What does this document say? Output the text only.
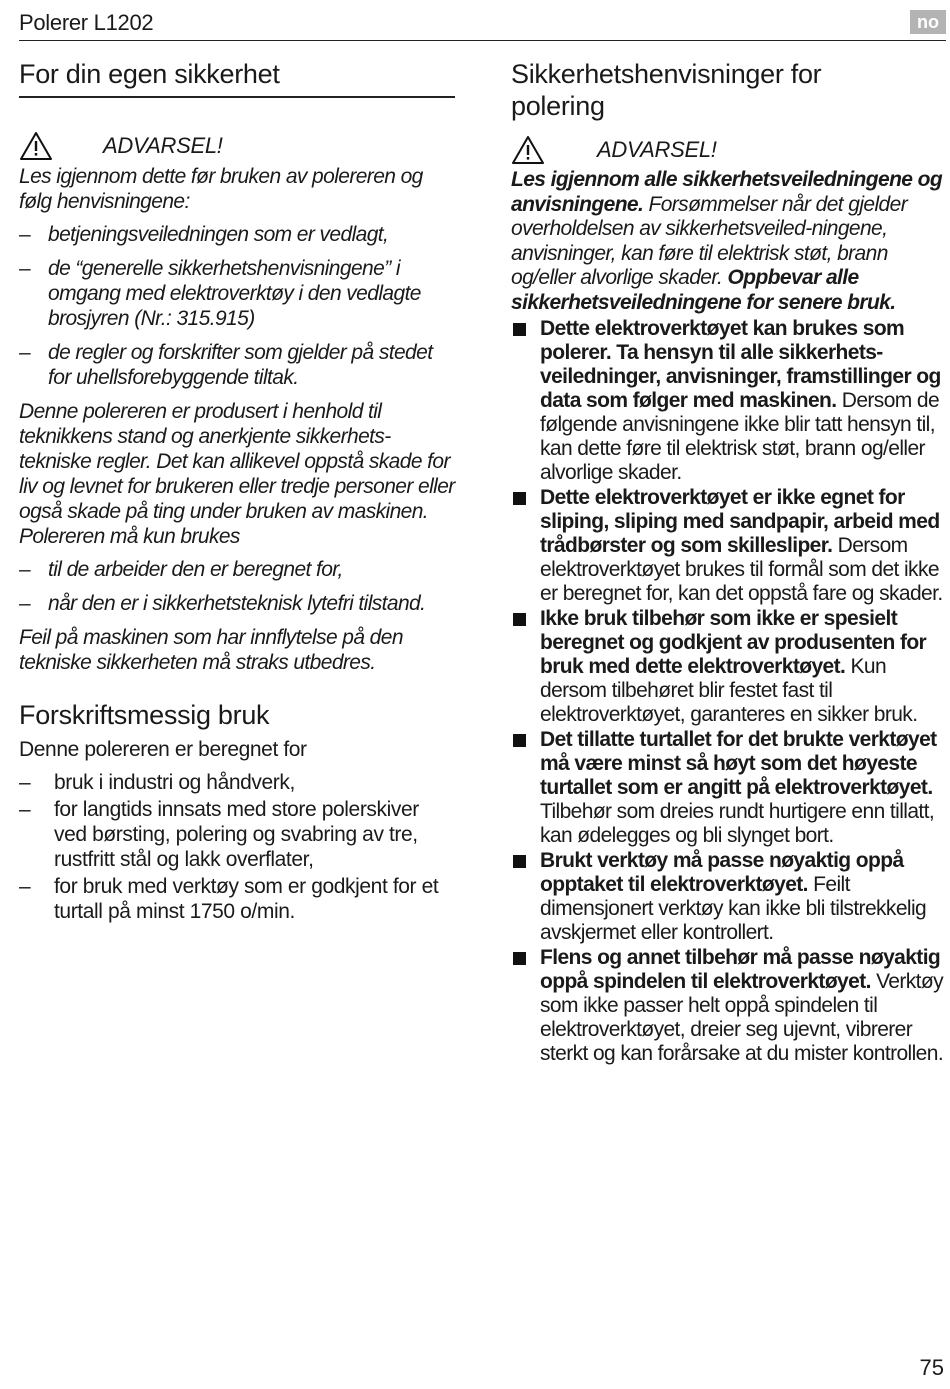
Polerer L1202	no
For din egen sikkerhet
ADVARSEL!

Les igjennom dette før bruken av polereren og følg henvisningene:

– betjeningsveiledningen som er vedlagt,
– de “generelle sikkerhetshenvisningene” i omgang med elektroverktøy i den vedlagte brosjyren (Nr.: 315.915)
– de regler og forskrifter som gjelder på stedet for uhellsforebyggende tiltak.

Denne polereren er produsert i henhold til teknikkens stand og anerkjente sikkerhets-tekniske regler. Det kan allikevel oppstå skade for liv og levnet for brukeren eller tredje personer eller også skade på ting under bruken av maskinen. Polereren må kun brukes

– til de arbeider den er beregnet for,
– når den er i sikkerhetsteknisk lytefri tilstand.

Feil på maskinen som har innflytelse på den tekniske sikkerheten må straks utbedres.

Forskriftsmessig bruk

Denne polereren er beregnet for

– bruk i industri og håndverk,
– for langtids innsats med store polerskiver ved børsting, polering og svabring av tre, rustfritt stål og lakk overflater,
– for bruk med verktøy som er godkjent for et turtall på minst 1750 o/min.
Sikkerhetshenvisninger for polering
ADVARSEL!

Les igjennom alle sikkerhetsveiledningene og anvisningene. Forsømmelser når det gjelder overholdelsen av sikkerhetsveiled-ningene, anvisninger, kan føre til elektrisk støt, brann og/eller alvorlige skader. Oppbevar alle sikkerhetsveiledningene for senere bruk.

Dette elektroverktøyet kan brukes som polerer. Ta hensyn til alle sikkerhets-veiledninger, anvisninger, framstillinger og data som følger med maskinen. Dersom de følgende anvisningene ikke blir tatt hensyn til, kan dette føre til elektrisk støt, brann og/eller alvorlige skader.
Dette elektroverktøyet er ikke egnet for sliping, sliping med sandpapir, arbeid med trådbørster og som skillesliper. Dersom elektroverktøyet brukes til formål som det ikke er beregnet for, kan det oppstå fare og skader.
Ikke bruk tilbehør som ikke er spesielt beregnet og godkjent av produsenten for bruk med dette elektroverktøyet. Kun dersom tilbehøret blir festet fast til elektroverktøyet, garanteres en sikker bruk.
Det tillatte turtallet for det brukte verktøyet må være minst så høyt som det høyeste turtallet som er angitt på elektroverktøyet. Tilbehør som dreies rundt hurtigere enn tillatt, kan ødelegges og bli slynget bort.
Brukt verktøy må passe nøyaktig oppå opptaket til elektroverktøyet. Feilt dimensjonert verktøy kan ikke bli tilstrekkelig avskjermet eller kontrollert.
Flens og annet tilbehør må passe nøyaktig oppå spindelen til elektroverktøyet. Verktøy som ikke passer helt oppå spindelen til elektroverktøyet, dreier seg ujevnt, vibrerer sterkt og kan forårsake at du mister kontrollen.
75
